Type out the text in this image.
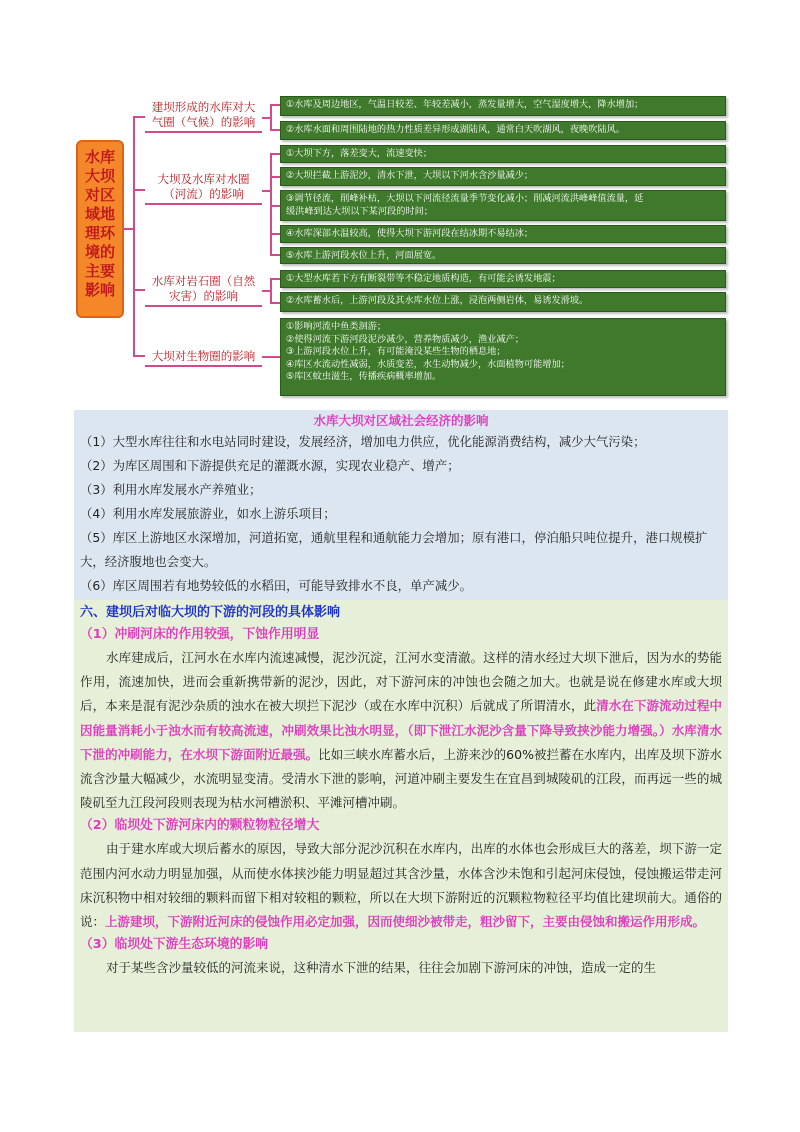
水库
大坝
对区
域地
理环
境的
主要
影响
建坝形成的水库对大
气圈（气候）的影响
大坝及水库对水圈
（河流）的影响
水库对岩石圈（自然
灾害）的影响
大坝对生物圈的影响
①水库及周边地区，气温日较差、年较差减小，蒸发量增大，空气湿度增大，降水增加；
②水库水面和周围陆地的热力性质差异形成湖陆风，通常白天吹湖风，夜晚吹陆风。
①大坝下方，落差变大，流速变快；
②大坝拦截上游泥沙，清水下泄，大坝以下河水含沙量减少；
③调节径流，削峰补枯，大坝以下河流径流量季节变化减小；削减河流洪峰峰值流量，延
缓洪峰到达大坝以下某河段的时间；
④水库深部水温较高，使得大坝下游河段在结冰期不易结冰；
⑤水库上游河段水位上升，河面展宽。
①大型水库若下方有断裂带等不稳定地质构造，有可能会诱发地震；
②水库蓄水后，上游河段及其水库水位上涨，浸泡两侧岩体，易诱发滑坡。
①影响河流中鱼类洄游；
②使得河流下游河段泥沙减少，营养物质减少，渔业减产；
③上游河段水位上升，有可能淹没某些生物的栖息地；
④库区水流动性减弱，水质变差，水生动物减少，水面植物可能增加；
⑤库区蚊虫滋生，传播疾病概率增加。
水库大坝对区域社会经济的影响

（1）大型水库往往和水电站同时建设，发展经济，增加电力供应，优化能源消费结构，减少大气污染；

（2）为库区周围和下游提供充足的灌溉水源，实现农业稳产、增产；

（3）利用水库发展水产养殖业；

（4）利用水库发展旅游业，如水上游乐项目；

（5）库区上游地区水深增加，河道拓宽，通航里程和通航能力会增加；原有港口，停泊船只吨位提升，港口规模扩大，经济腹地也会变大。

（6）库区周围若有地势较低的水稻田，可能导致排水不良，单产减少。

六、建坝后对临大坝的下游的河段的具体影响
（1）冲刷河床的作用较强，下蚀作用明显

水库建成后，江河水在水库内流速减慢，泥沙沉淀，江河水变清澈。这样的清水经过大坝下泄后，因为水的势能作用，流速加快，进而会重新携带新的泥沙，因此，对下游河床的冲蚀也会随之加大。也就是说在修建水库或大坝后，本来是混有泥沙杂质的浊水在被大坝拦下泥沙（或在水库中沉积）后就成了所谓清水，此清水在下游流动过程中因能量消耗小于浊水而有较高流速，冲刷效果比浊水明显，（即下泄江水泥沙含量下降导致挟沙能力增强。）水库清水下泄的冲刷能力，在水坝下游面附近最强。比如三峡水库蓄水后，上游来沙的60%被拦蓄在水库内，出库及坝下游水流含沙量大幅减少，水流明显变清。受清水下泄的影响，河道冲刷主要发生在宜昌到城陵矶的江段，而再远一些的城陵矶至九江段河段则表现为枯水河槽淤积、平滩河槽冲刷。

（2）临坝处下游河床内的颗粒物粒径增大

由于建水库或大坝后蓄水的原因，导致大部分泥沙沉积在水库内，出库的水体也会形成巨大的落差，坝下游一定范围内河水动力明显加强，从而使水体挟沙能力明显超过其含沙量，水体含沙未饱和引起河床侵蚀，侵蚀搬运带走河床沉积物中相对较细的颗料而留下相对较粗的颗粒，所以在大坝下游附近的沉颗粒物粒径平均值比建坝前大。通俗的说：上游建坝，下游附近河床的侵蚀作用必定加强，因而使细沙被带走，粗沙留下，主要由侵蚀和搬运作用形成。

（3）临坝处下游生态环境的影响

对于某些含沙量较低的河流来说，这种清水下泄的结果，往往会加剧下游河床的冲蚀，造成一定的生
